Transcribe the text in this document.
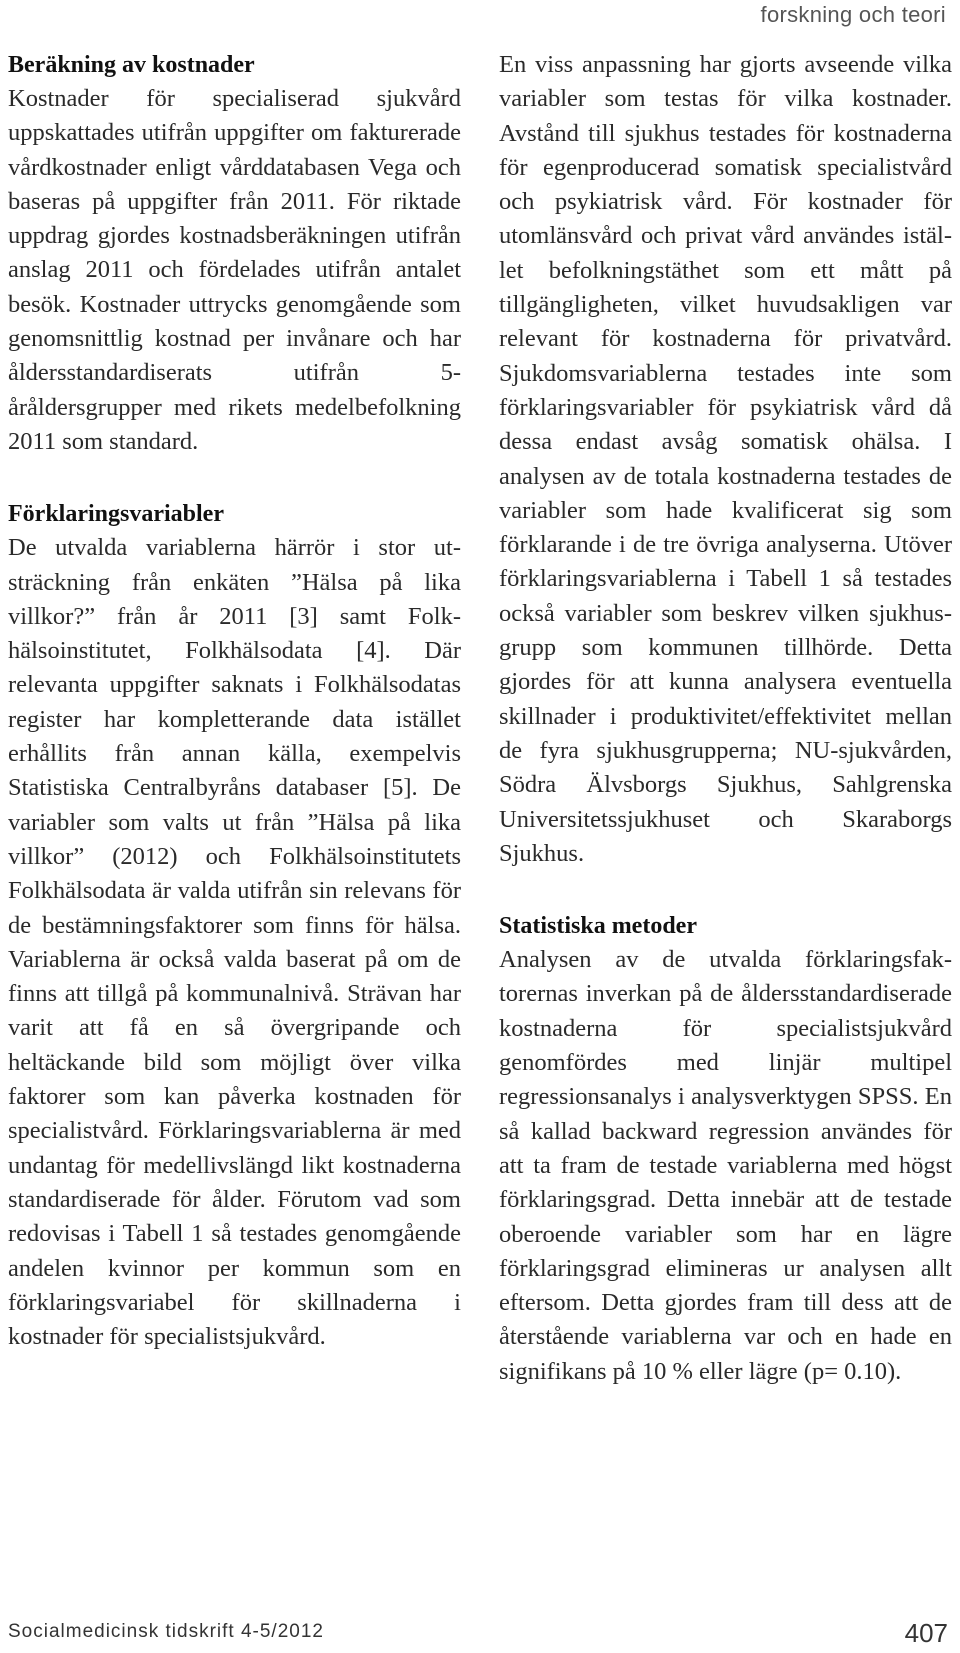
forskning och teori
Beräkning av kostnader

Kostnader för specialiserad sjukvård uppskattades utifrån uppgifter om fakturerade vårdkostnader enligt vårddatabasen Vega och baseras på uppgifter från 2011. För riktade uppdrag gjordes kostnadsberäkningen utifrån anslag 2011 och fördelades utifrån antalet besök. Kostnader uttrycks genomgående som genomsnittlig kostnad per invånare och har åldersstandardiserats utifrån 5-åråldersgrupper med rikets medelbefolkning 2011 som standard.

Förklaringsvariabler

De utvalda variablerna härrör i stor utsträckning från enkäten ”Hälsa på lika villkor?” från år 2011 [3] samt Folkhälsoinstitutet, Folkhälsodata [4]. Där relevanta uppgifter saknats i Folkhälsodatas register har kompletterande data istället erhållits från annan källa, exempelvis Statistiska Centralbyråns databaser [5]. De variabler som valts ut från ”Hälsa på lika villkor” (2012) och Folkhälsoinstitutets Folkhälsodata är valda utifrån sin relevans för de bestämningsfaktorer som finns för hälsa. Variablerna är också valda baserat på om de finns att tillgå på kommunalnivå. Strävan har varit att få en så övergripande och heltäckande bild som möjligt över vilka faktorer som kan påverka kostnaden för specialistvård. Förklaringsvariablerna är med undantag för medellivslängd likt kostnaderna standardiserade för ålder. Förutom vad som redovisas i Tabell 1 så testades genomgående andelen kvinnor per kommun som en förklaringsvariabel för skillnaderna i kostnader för specialistsjukvård.

En viss anpassning har gjorts avseende vilka variabler som testas för vilka kostnader. Avstånd till sjukhus testades för kostnaderna för egenproducerad somatisk specialistvård och psykiatrisk vård. För kostnader för utomlänsvård och privat vård användes istället befolkningstäthet som ett mått på tillgängligheten, vilket huvudsakligen var relevant för kostnaderna för privatvård. Sjukdomsvariablerna testades inte som förklaringsvariabler för psykiatrisk vård då dessa endast avsåg somatisk ohälsa. I analysen av de totala kostnaderna testades de variabler som hade kvalificerat sig som förklarande i de tre övriga analyserna. Utöver förklaringsvariablerna i Tabell 1 så testades också variabler som beskrev vilken sjukhusgrupp som kommunen tillhörde. Detta gjordes för att kunna analysera eventuella skillnader i produktivitet/effektivitet mellan de fyra sjukhusgrupperna; NU-sjukvården, Södra Älvsborgs Sjukhus, Sahlgrenska Universitetssjukhuset och Skaraborgs Sjukhus.

Statistiska metoder

Analysen av de utvalda förklaringsfaktorernas inverkan på de åldersstandardiserade kostnaderna för specialistsjukvård genomfördes med linjär multipel regressionsanalys i analysverktygen SPSS. En så kallad backward regression användes för att ta fram de testade variablerna med högst förklaringsgrad. Detta innebär att de testade oberoende variabler som har en lägre förklaringsgrad elimineras ur analysen allt eftersom. Detta gjordes fram till dess att de återstående variablerna var och en hade en signifikans på 10 % eller lägre (p= 0.10).

Socialmedicinsk tidskrift 4-5/2012	407
